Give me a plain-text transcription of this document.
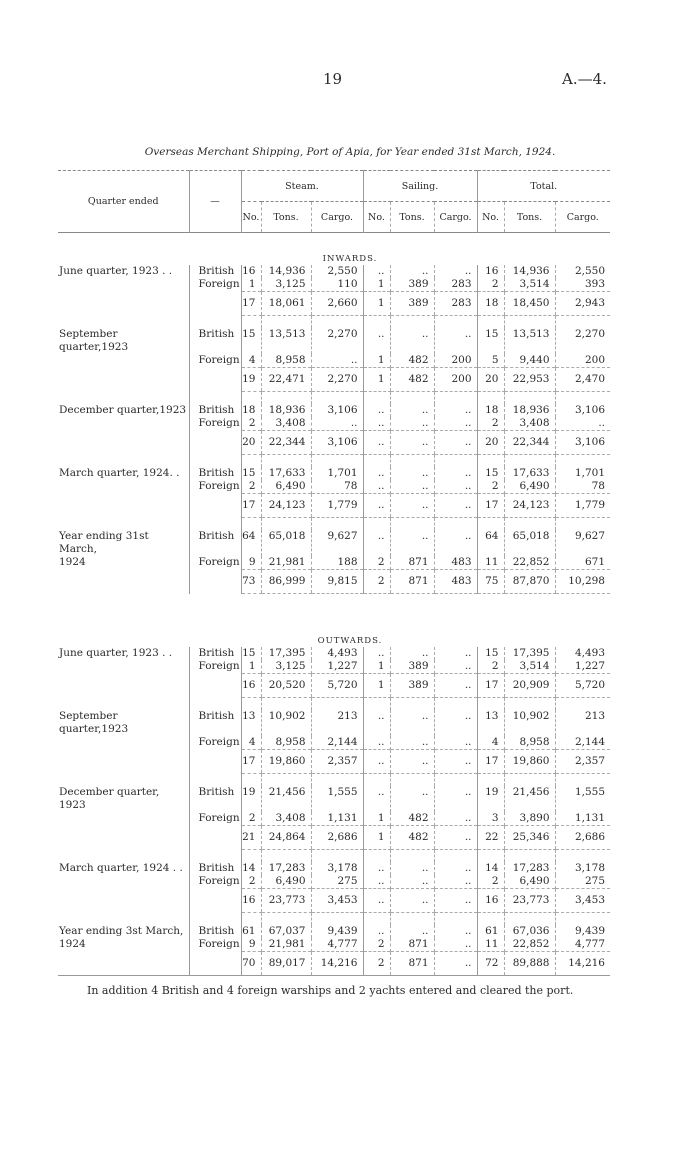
19	A.—4.
Overseas Merchant Shipping, Port of Apia, for Year ended 31st March, 1924.
Quarter ended	—	Steam.			Sailing.			Total.		
		No.	Tons.	Cargo.	No.	Tons.	Cargo.	No.	Tons.	Cargo.
INWARDS.
June quarter, 1923 . .	British	16	14,936	2,550	..	..	..	16	14,936	2,550
	Foreign	1	3,125	110	1	389	283	2	3,514	393
		17	18,061	2,660	1	389	283	18	18,450	2,943

September quarter,1923	British	15	13,513	2,270	..	..	..	15	13,513	2,270
	Foreign	4	8,958	..	1	482	200	5	9,440	200
		19	22,471	2,270	1	482	200	20	22,953	2,470

December quarter,1923	British	18	18,936	3,106	..	..	..	18	18,936	3,106
	Foreign	2	3,408	..	..	..	..	2	3,408	..
		20	22,344	3,106	..	..	..	20	22,344	3,106

March quarter, 1924. .	British	15	17,633	1,701	..	..	..	15	17,633	1,701
	Foreign	2	6,490	78	..	..	..	2	6,490	78
		17	24,123	1,779	..	..	..	17	24,123	1,779

Year ending 31st March,	British	64	65,018	9,627	..	..	..	64	65,018	9,627
1924	Foreign	9	21,981	188	2	871	483	11	22,852	671
		73	86,999	9,815	2	871	483	75	87,870	10,298
OUTWARDS.
June quarter, 1923 . .	British	15	17,395	4,493	..	..	..	15	17,395	4,493
	Foreign	1	3,125	1,227	1	389	..	2	3,514	1,227
		16	20,520	5,720	1	389	..	17	20,909	5,720

September quarter,1923	British	13	10,902	213	..	..	..	13	10,902	213
	Foreign	4	8,958	2,144	..	..	..	4	8,958	2,144
		17	19,860	2,357	..	..	..	17	19,860	2,357

December quarter, 1923	British	19	21,456	1,555	..	..	..	19	21,456	1,555
	Foreign	2	3,408	1,131	1	482	..	3	3,890	1,131
		21	24,864	2,686	1	482	..	22	25,346	2,686

March quarter, 1924 . .	British	14	17,283	3,178	..	..	..	14	17,283	3,178
	Foreign	2	6,490	275	..	..	..	2	6,490	275
		16	23,773	3,453	..	..	..	16	23,773	3,453

Year ending 3st March,	British	61	67,037	9,439	..	..	..	61	67,036	9,439
1924	Foreign	9	21,981	4,777	2	871	..	11	22,852	4,777
		70	89,017	14,216	2	871	..	72	89,888	14,216
In addition 4 British and 4 foreign warships and 2 yachts entered and cleared the port.
